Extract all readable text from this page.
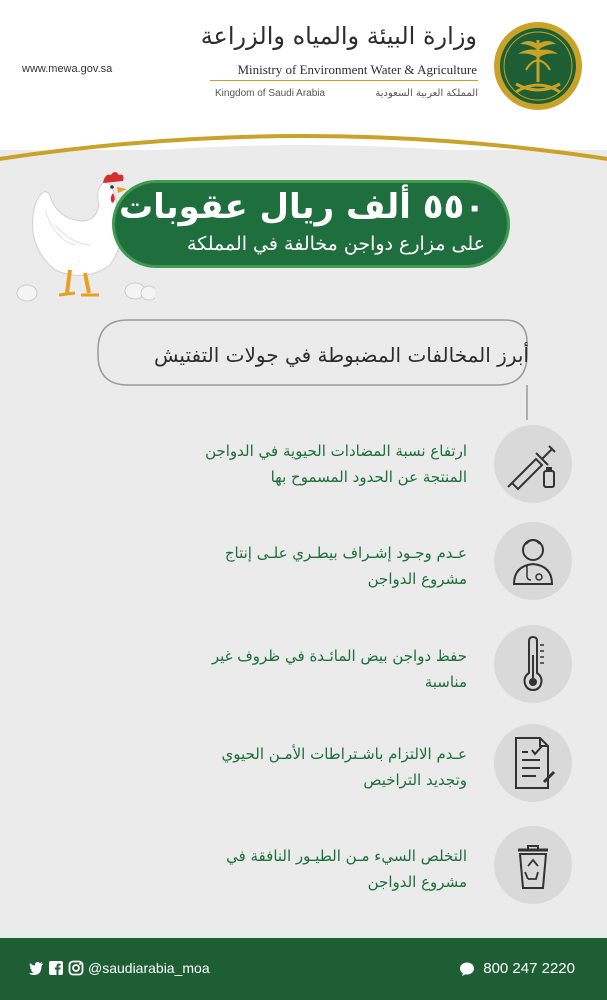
www.mewa.gov.sa
وزارة البيئة والمياه والزراعة
Ministry of Environment Water & Agriculture
Kingdom of Saudi Arabia	المملكة العربية السعودية
٥٥٠ ألف ريال عقوبات
على مزارع دواجن مخالفة في المملكة
أبرز المخالفات المضبوطة في جولات التفتيش
ارتفاع نسبة المضادات الحيوية في الدواجن
المنتجة عن الحدود المسموح بها
عـدم وجـود إشـراف بيطـري علـى إنتاج
مشروع الدواجن
حفظ دواجن بيض المائـدة في ظروف غير
مناسبة
عـدم الالتزام باشـتراطات الأمـن الحيوي
وتجديد التراخيص
التخلص السيء مـن الطيـور النافقة في
مشروع الدواجن
@saudiarabia_moa	800 247 2220
